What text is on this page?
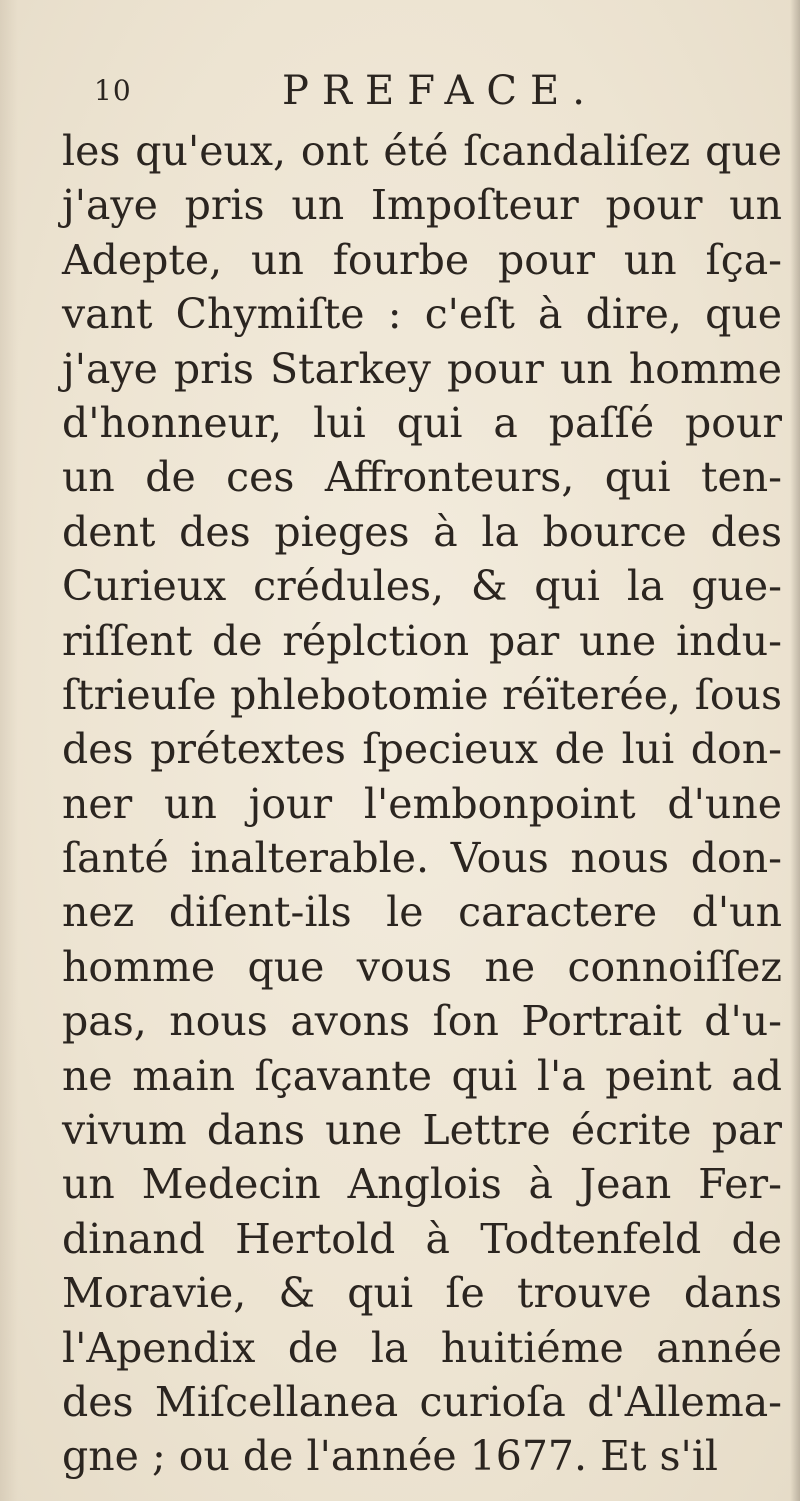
10	PREFACE.
les qu'eux, ont été ſcandaliſez que
j'aye pris un Impoſteur pour un
Adepte, un fourbe pour un ſça-
vant Chymiſte : c'eſt à dire, que
j'aye pris Starkey pour un homme
d'honneur, lui qui a paſſé pour
un de ces Affronteurs, qui ten-
dent des pieges à la bource des
Curieux crédules, & qui la gue-
riſſent de réplction par une indu-
ſtrieuſe phlebotomie réïterée, ſous
des prétextes ſpecieux de lui don-
ner un jour l'embonpoint d'une
ſanté inalterable. Vous nous don-
nez diſent-ils le caractere d'un
homme que vous ne connoiſſez
pas, nous avons ſon Portrait d'u-
ne main ſçavante qui l'a peint ad
vivum dans une Lettre écrite par
un Medecin Anglois à Jean Fer-
dinand Hertold à Todtenfeld de
Moravie, & qui ſe trouve dans
l'Apendix de la huitiéme année
des Miſcellanea curioſa d'Allema-
gne ; ou de l'année 1677. Et s'il
